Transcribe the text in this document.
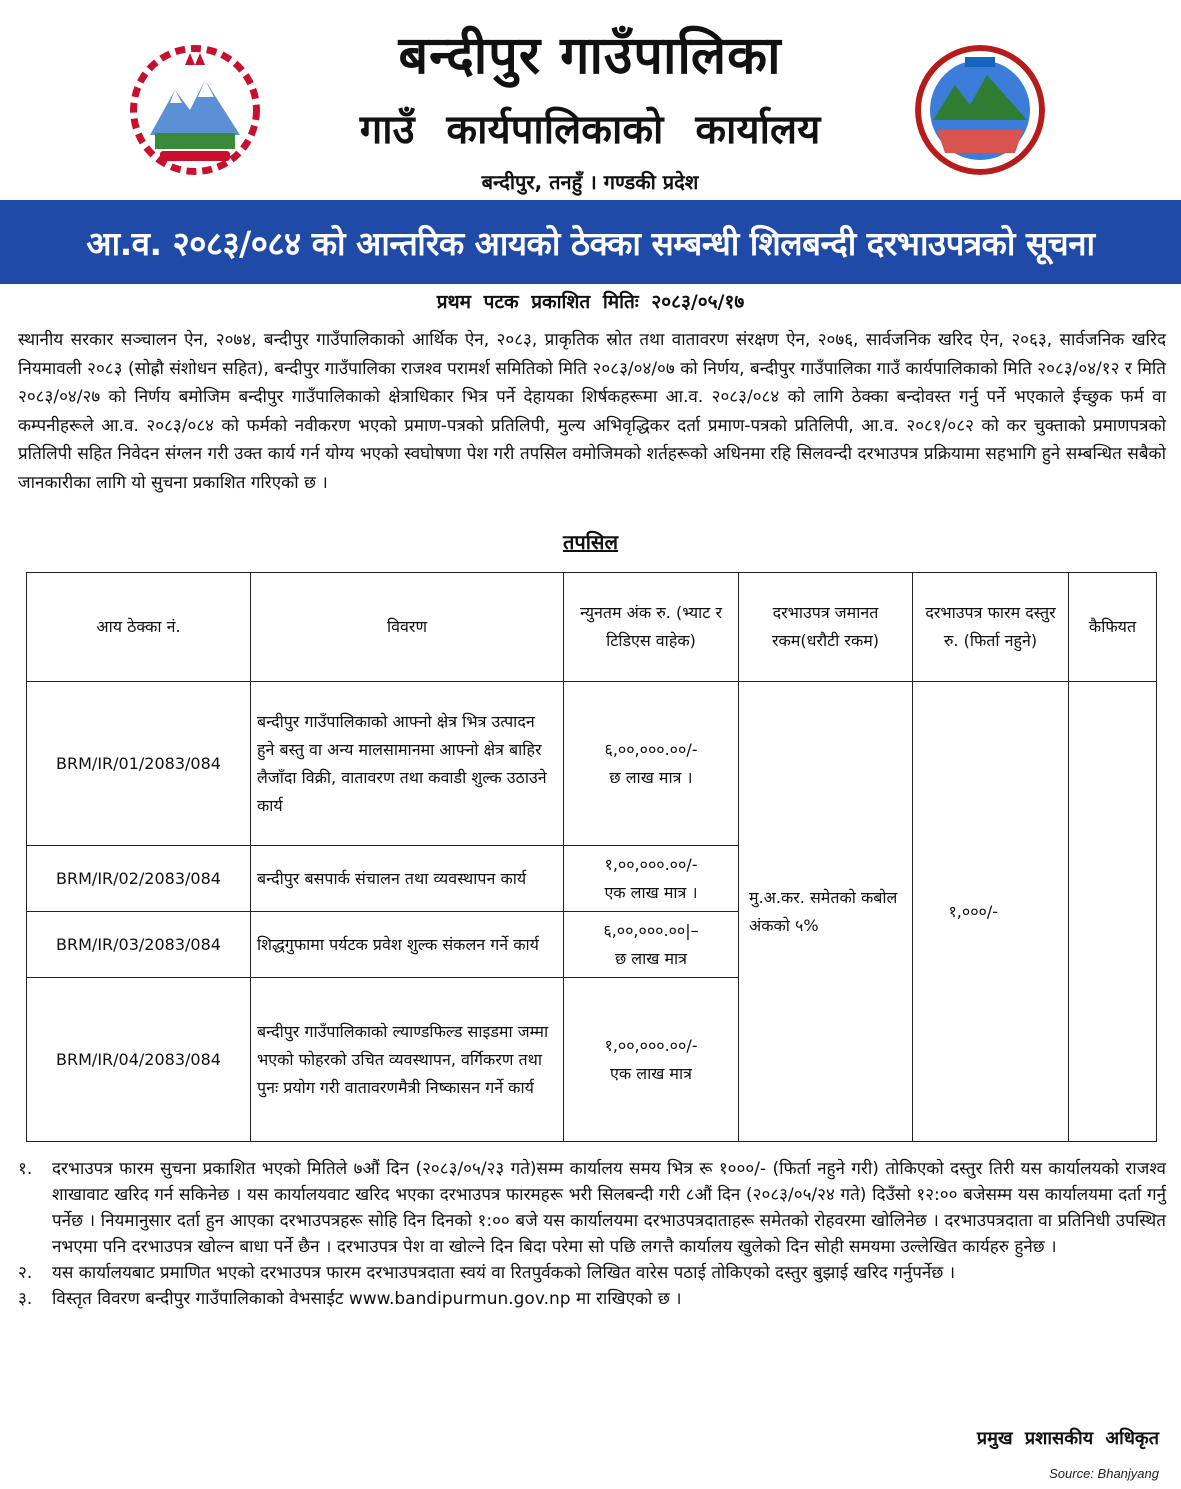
बन्दीपुर गाउँपालिका
गाउँ कार्यपालिकाको कार्यालय
बन्दीपुर, तनहुँ । गण्डकी प्रदेश
आ.व. २०८३/०८४ को आन्तरिक आयको ठेक्का सम्बन्धी शिलबन्दी दरभाउपत्रको सूचना
प्रथम पटक प्रकाशित मितिः २०८३/०५/१७
स्थानीय सरकार सञ्चालन ऐन, २०७४, बन्दीपुर गाउँपालिकाको आर्थिक ऐन, २०८३, प्राकृतिक स्रोत तथा वातावरण संरक्षण ऐन, २०७६, सार्वजनिक खरिद ऐन, २०६३, सार्वजनिक खरिद नियमावली २०८३ (सोह्रौ संशोधन सहित), बन्दीपुर गाउँपालिका राजश्व परामर्श समितिको मिति २०८३/०४/०७ को निर्णय, बन्दीपुर गाउँपालिका गाउँ कार्यपालिकाको मिति २०८३/०४/१२ र मिति २०८३/०४/२७ को निर्णय बमोजिम बन्दीपुर गाउँपालिकाको क्षेत्राधिकार भित्र पर्ने देहायका शिर्षकहरूमा आ.व. २०८३/०८४ को लागि ठेक्का बन्दोवस्त गर्नु पर्ने भएकाले ईच्छुक फर्म वा कम्पनीहरूले आ.व. २०८३/०८४ को फर्मको नवीकरण भएको प्रमाण-पत्रको प्रतिलिपी, मुल्य अभिवृद्धिकर दर्ता प्रमाण-पत्रको प्रतिलिपी, आ.व. २०८१/०८२ को कर चुक्ताको प्रमाणपत्रको प्रतिलिपी सहित निवेदन संग्लन गरी उक्त कार्य गर्न योग्य भएको स्वघोषणा पेश गरी तपसिल वमोजिमको शर्तहरूको अधिनमा रहि सिलवन्दी दरभाउपत्र प्रक्रियामा सहभागि हुने सम्बन्धित सबैको जानकारीका लागि यो सुचना प्रकाशित गरिएको छ ।
तपसिल
आय ठेक्का नं.	विवरण	न्युनतम अंक रु. (भ्याट र टिडिएस वाहेक)	दरभाउपत्र जमानत रकम(धरौटी रकम)	दरभाउपत्र फारम दस्तुर रु. (फिर्ता नहुने)	कैफियत
BRM/IR/01/2083/084	बन्दीपुर गाउँपालिकाको आफ्नो क्षेत्र भित्र उत्पादन हुने बस्तु वा अन्य मालसामानमा आफ्नो क्षेत्र बाहिर लैजाँदा विक्री, वातावरण तथा कवाडी शुल्क उठाउने कार्य	६,००,०००.००/-
छ लाख मात्र ।	मु.अ.कर. समेतको कबोल अंकको ५%	१,०००/-	
BRM/IR/02/2083/084	बन्दीपुर बसपार्क संचालन तथा व्यवस्थापन कार्य	१,००,०००.००/-
एक लाख मात्र ।			

BRM/IR/03/2083/084	शिद्धगुफामा पर्यटक प्रवेश शुल्क संकलन गर्ने कार्य	६,००,०००.००|–
छ लाख मात्र			

BRM/IR/04/2083/084	बन्दीपुर गाउँपालिकाको ल्याण्डफिल्ड साइडमा जम्मा भएको फोहरको उचित व्यवस्थापन, वर्गिकरण तथा पुनः प्रयोग गरी वातावरणमैत्री निष्कासन गर्ने कार्य	१,००,०००.००/-
एक लाख मात्र			
१. दरभाउपत्र फारम सुचना प्रकाशित भएको मितिले ७औं दिन (२०८३/०५/२३ गते)सम्म कार्यालय समय भित्र रू १०००/- (फिर्ता नहुने गरी) तोकिएको दस्तुर तिरी यस कार्यालयको राजश्व शाखावाट खरिद गर्न सकिनेछ । यस कार्यालयवाट खरिद भएका दरभाउपत्र फारमहरू भरी सिलबन्दी गरी ८औं दिन (२०८३/०५/२४ गते) दिउँसो १२:०० बजेसम्म यस कार्यालयमा दर्ता गर्नु पर्नेछ । नियमानुसार दर्ता हुन आएका दरभाउपत्रहरू सोहि दिन दिनको १:०० बजे यस कार्यालयमा दरभाउपत्रदाताहरू समेतको रोहवरमा खोलिनेछ । दरभाउपत्रदाता वा प्रतिनिधी उपस्थित नभएमा पनि दरभाउपत्र खोल्न बाधा पर्ने छैन । दरभाउपत्र पेश वा खोल्ने दिन बिदा परेमा सो पछि लगत्तै कार्यालय खुलेको दिन सोही समयमा उल्लेखित कार्यहरु हुनेछ ।
२. यस कार्यालयबाट प्रमाणित भएको दरभाउपत्र फारम दरभाउपत्रदाता स्वयं वा रितपुर्वकको लिखित वारेस पठाई तोकिएको दस्तुर बुझाई खरिद गर्नुपर्नेछ ।
३. विस्तृत विवरण बन्दीपुर गाउँपालिकाको वेभसाईट www.bandipurmun.gov.np मा राखिएको छ ।
प्रमुख प्रशासकीय अधिकृत
Source: Bhanjyang
